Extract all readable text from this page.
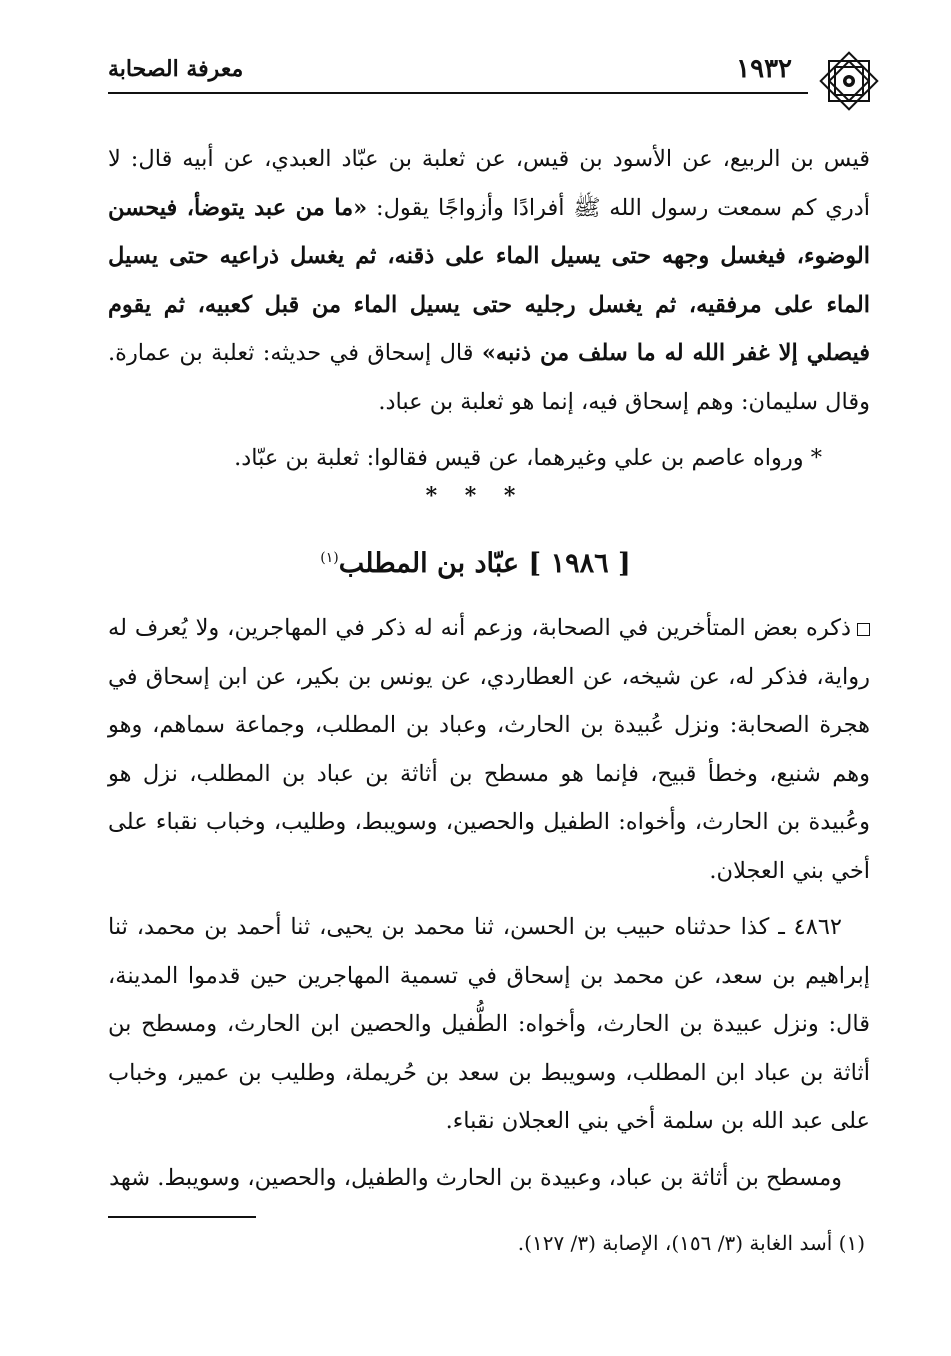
معرفة الصحابة	١٩٣٢

قيس بن الربيع، عن الأسود بن قيس، عن ثعلبة بن عبّاد العبدي، عن أبيه قال: لا أدري كم سمعت رسول الله ﷺ أفرادًا وأزواجًا يقول: «ما من عبد يتوضأ، فيحسن الوضوء، فيغسل وجهه حتى يسيل الماء على ذقنه، ثم يغسل ذراعيه حتى يسيل الماء على مرفقيه، ثم يغسل رجليه حتى يسيل الماء من قبل كعبيه، ثم يقوم فيصلي إلا غفر الله له ما سلف من ذنبه» قال إسحاق في حديثه: ثعلبة بن عمارة. وقال سليمان: وهم إسحاق فيه، إنما هو ثعلبة بن عباد.

* ورواه عاصم بن علي وغيرهما، عن قيس فقالوا: ثعلبة بن عبّاد.

* * *
[ ١٩٨٦ ] عبّاد بن المطلب$^{(١)}$

ذكره بعض المتأخرين في الصحابة، وزعم أنه له ذكر في المهاجرين، ولا يُعرف له رواية، فذكر له، عن شيخه، عن العطاردي، عن يونس بن بكير، عن ابن إسحاق في هجرة الصحابة: ونزل عُبيدة بن الحارث، وعباد بن المطلب، وجماعة سماهم، وهو وهم شنيع، وخطأ قبيح، فإنما هو مسطح بن أثاثة بن عباد بن المطلب، نزل هو وعُبيدة بن الحارث، وأخواه: الطفيل والحصين، وسويبط، وطليب، وخباب نقباء على أخي بني العجلان.

٤٨٦٢ ـ كذا حدثناه حبيب بن الحسن، ثنا محمد بن يحيى، ثنا أحمد بن محمد، ثنا إبراهيم بن سعد، عن محمد بن إسحاق في تسمية المهاجرين حين قدموا المدينة، قال: ونزل عبيدة بن الحارث، وأخواه: الطُّفيل والحصين ابن الحارث، ومسطح بن أثاثة بن عباد ابن المطلب، وسويبط بن سعد بن حُريملة، وطليب بن عمير، وخباب على عبد الله بن سلمة أخي بني العجلان نقباء.

ومسطح بن أثاثة بن عباد، وعبيدة بن الحارث والطفيل، والحصين، وسويبط. شهد

(١) أسد الغابة (٣/ ١٥٦)، الإصابة (٣/ ١٢٧).
